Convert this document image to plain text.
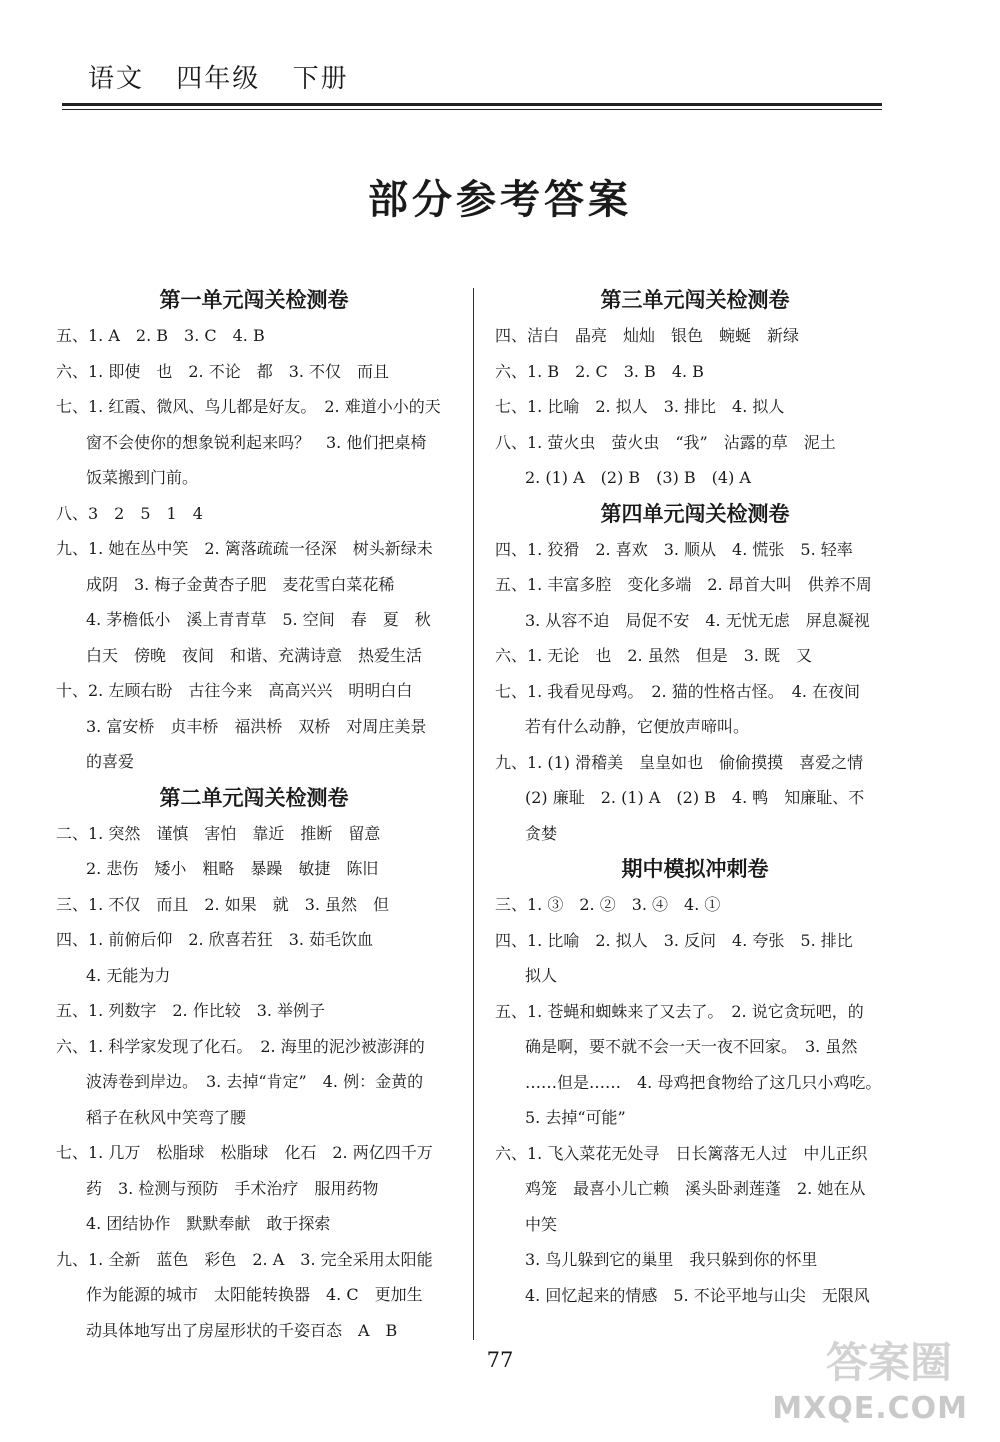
语文 四年级 下册
部分参考答案
第一单元闯关检测卷
五、1. A　2. B　3. C　4. B
六、1. 即使　也　2. 不论　都　3. 不仅　而且
七、1. 红霞、微风、鸟儿都是好友。　2. 难道小小的天
窗不会使你的想象锐利起来吗？　3. 他们把桌椅
饭菜搬到门前。
八、3　2　5　1　4
九、1. 她在丛中笑　2. 篱落疏疏一径深　树头新绿未
成阴　3. 梅子金黄杏子肥　麦花雪白菜花稀
4. 茅檐低小　溪上青青草　5. 空间　春　夏　秋
白天　傍晚　夜间　和谐、充满诗意　热爱生活
十、2. 左顾右盼　古往今来　高高兴兴　明明白白
3. 富安桥　贞丰桥　福洪桥　双桥　对周庄美景
的喜爱
第二单元闯关检测卷
二、1. 突然　谨慎　害怕　靠近　推断　留意
2. 悲伤　矮小　粗略　暴躁　敏捷　陈旧
三、1. 不仅　而且　2. 如果　就　3. 虽然　但
四、1. 前俯后仰　2. 欣喜若狂　3. 茹毛饮血
4. 无能为力
五、1. 列数字　2. 作比较　3. 举例子
六、1. 科学家发现了化石。　2. 海里的泥沙被澎湃的
波涛卷到岸边。　3. 去掉“肯定”　4. 例：金黄的
稻子在秋风中笑弯了腰
七、1. 几万　松脂球　松脂球　化石　2. 两亿四千万
药　3. 检测与预防　手术治疗　服用药物
4. 团结协作　默默奉献　敢于探索
九、1. 全新　蓝色　彩色　2. A　3. 完全采用太阳能
作为能源的城市　太阳能转换器　4. C　更加生
动具体地写出了房屋形状的千姿百态　A　B
第三单元闯关检测卷
四、洁白　晶亮　灿灿　银色　蜿蜒　新绿
六、1. B　2. C　3. B　4. B
七、1. 比喻　2. 拟人　3. 排比　4. 拟人
八、1. 萤火虫　萤火虫　“我”　沾露的草　泥土
2. (1) A　(2) B　(3) B　(4) A
第四单元闯关检测卷
四、1. 狡猾　2. 喜欢　3. 顺从　4. 慌张　5. 轻率
五、1. 丰富多腔　变化多端　2. 昂首大叫　供养不周
3. 从容不迫　局促不安　4. 无忧无虑　屏息凝视
六、1. 无论　也　2. 虽然　但是　3. 既　又
七、1. 我看见母鸡。　2. 猫的性格古怪。　4. 在夜间
若有什么动静，它便放声啼叫。
九、1. (1) 滑稽美　皇皇如也　偷偷摸摸　喜爱之情
(2) 廉耻　2. (1) A　(2) B　4. 鸭　知廉耻、不
贪婪
期中模拟冲刺卷
三、1. ③　2. ②　3. ④　4. ①
四、1. 比喻　2. 拟人　3. 反问　4. 夸张　5. 排比
拟人
五、1. 苍蝇和蜘蛛来了又去了。　2. 说它贪玩吧，的
确是啊，要不就不会一天一夜不回家。　3. 虽然
……但是……　4. 母鸡把食物给了这几只小鸡吃。
5. 去掉“可能”
六、1. 飞入菜花无处寻　日长篱落无人过　中儿正织
鸡笼　最喜小儿亡赖　溪头卧剥莲蓬　2. 她在从
中笑
3. 鸟儿躲到它的巢里　我只躲到你的怀里
4. 回忆起来的情感　5. 不论平地与山尖　无限风
77	答案圈
MXQE.COM
